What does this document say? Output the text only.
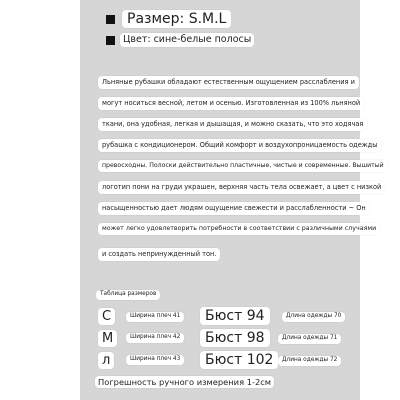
Размер: S.M.L
Цвет: сине-белые полосы
Льняные рубашки обладают естественным ощущением расслабления и
могут носиться весной, летом и осенью. Изготовленная из 100% льняной
ткани, она удобная, легкая и дышащая, и можно сказать, что это ходячая
рубашка с кондиционером. Общий комфорт и воздухопроницаемость одежды
превосходны. Полоски действительно пластичные, чистые и современные. Вышитый
логотип пони на груди украшен, верхняя часть тела освежает, а цвет с низкой
насыщенностью дает людям ощущение свежести и расслабленности ~ Он
может легко удовлетворить потребности в соответствии с различными случаями
и создать непринужденный тон.
Таблица размеров
С	Ширина плеч 41	Бюст 94	Длина одежды 70
М	Ширина плеч 42	Бюст 98	Длина одежды 71
л	Ширина плеч 43	Бюст 102	Длина одежды 72
Погрешность ручного измерения 1-2см
